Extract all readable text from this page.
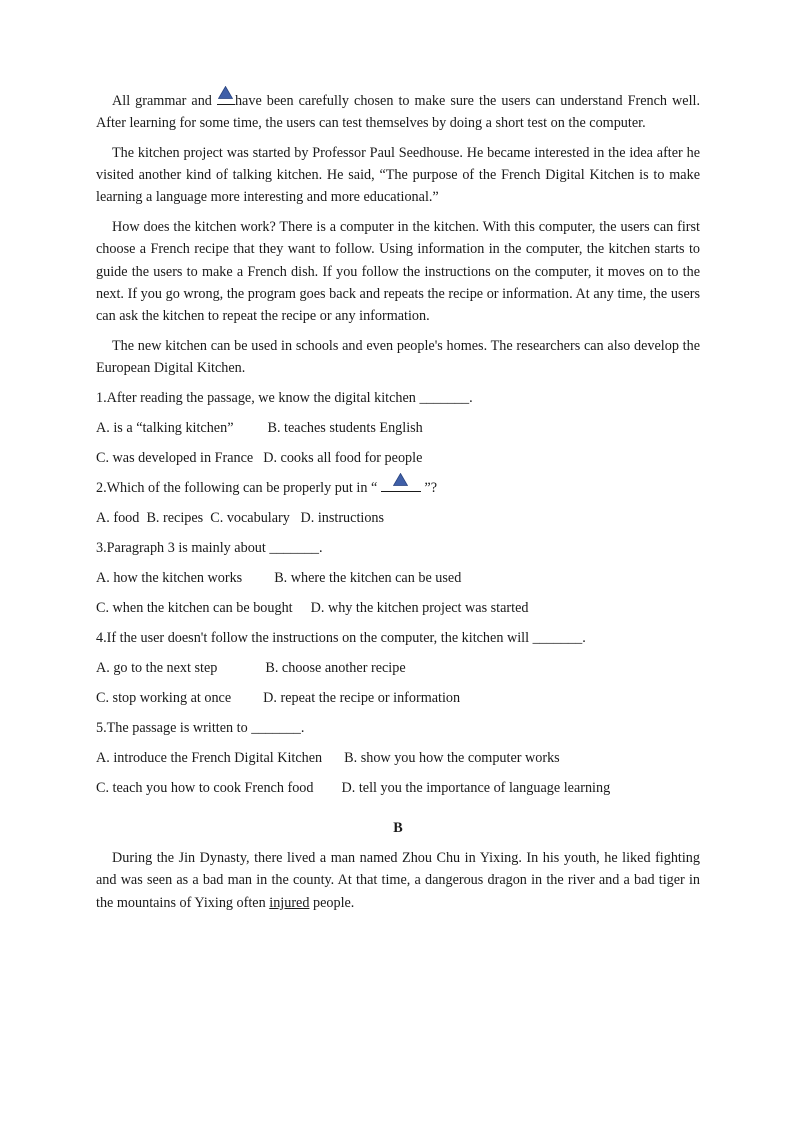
All grammar and
have been carefully chosen to make sure the users can understand French well. After learning for some time, the users can test themselves by doing a short test on the computer.

The kitchen project was started by Professor Paul Seedhouse. He became interested in the idea after he visited another kind of talking kitchen. He said, “The purpose of the French Digital Kitchen is to make learning a language more interesting and more educational.”

How does the kitchen work? There is a computer in the kitchen. With this computer, the users can first choose a French recipe that they want to follow. Using information in the computer, the kitchen starts to guide the users to make a French dish. If you follow the instructions on the computer, it moves on to the next. If you go wrong, the program goes back and repeats the recipe or information. At any time, the users can ask the kitchen to repeat the recipe or any information.

The new kitchen can be used in schools and even people's homes. The researchers can also develop the European Digital Kitchen.

1.After reading the passage, we know the digital kitchen _______.

A. is a “talking kitchen” B. teaches students English

C. was developed in France D. cooks all food for people

2.Which of the following can be properly put in “	”?

A. food  B. recipes  C. vocabulary   D. instructions

3.Paragraph 3 is mainly about _______.

A. how the kitchen works B. where the kitchen can be used

C. when the kitchen can be bought D. why the kitchen project was started

4.If the user doesn't follow the instructions on the computer, the kitchen will _______.

A. go to the next step	B. choose another recipe

C. stop working at once D. repeat the recipe or information

5.The passage is written to _______.

A. introduce the French Digital Kitchen B. show you how the computer works

C. teach you how to cook French food D. tell you the importance of language learning

B

During the Jin Dynasty, there lived a man named Zhou Chu in Yixing. In his youth, he liked fighting and was seen as a bad man in the county. At that time, a dangerous dragon in the river and a bad tiger in the mountains of Yixing often injured people.
